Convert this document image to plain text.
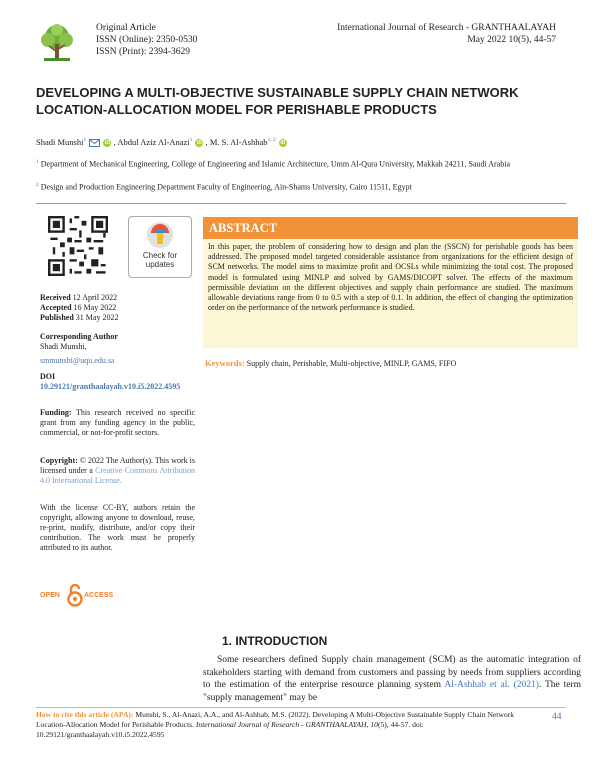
Original Article
ISSN (Online): 2350-0530
ISSN (Print): 2394-3629
International Journal of Research - GRANTHAALAYAH
May 2022 10(5), 44-57
DEVELOPING A MULTI-OBJECTIVE SUSTAINABLE SUPPLY CHAIN NETWORK LOCATION-ALLOCATION MODEL FOR PERISHABLE PRODUCTS
Shadi Munshi$^1$	iD , Abdul Aziz Al-Anazi$^1$ iD , M. S. Al-Ashhab$^{1, 2}$ iD
$^1$ Department of Mechanical Engineering, College of Engineering and Islamic Architecture, Umm Al-Qura University, Makkah 24211, Saudi Arabia
$^2$ Design and Production Engineering Department Faculty of Engineering, Ain-Shams University, Cairo 11511, Egypt
Check for
updates
Received 12 April 2022
Accepted 16 May 2022
Published 31 May 2022
Corresponding Author
Shadi Munshi,
smmunshi@uqu.edu.sa
DOI
10.29121/granthaalayah.v10.i5.2022.4595
Funding: This research received no specific grant from any funding agency in the public, commercial, or not-for-profit sectors.
Copyright: © 2022 The Author(s). This work is licensed under a Creative Commons Attribution 4.0 International License.
With the license CC-BY, authors retain the copyright, allowing anyone to download, reuse, re-print, modify, distribute, and/or copy their contribution. The work must be properly attributed to its author.
OPEN	ACCESS
ABSTRACT
In this paper, the problem of considering how to design and plan the (SSCN) for perishable goods has been addressed. The proposed model targeted considerable assistance from organizations for the efficient design of SCM networks. The model aims to maximize profit and OCSLs while minimizing the total cost. The proposed model is formulated using MINLP and solved by GAMS/DICOPT solver. The effects of the maximum permissible deviation on the different objectives and supply chain performance are studied. The maximum allowable deviations range from 0 to 0.5 with a step of 0.1. In addition, the effect of changing the optimization order on the performance of the network performance is studied.
Keywords: Supply chain, Perishable, Multi-objective, MINLP, GAMS, FIFO
1. INTRODUCTION

Some researchers defined Supply chain management (SCM) as the automatic integration of stakeholders starting with demand from customers and passing by needs from suppliers according to the estimation of the enterprise resource planning system Al-Ashhab et al. (2021). The term "supply management" may be

How to cite this article (APA): Munshi, S., Al-Anazi, A.A., and Al-Ashhab, M.S. (2022). Developing A Multi-Objective Sustainable Supply Chain Network Location-Allocation Model for Perishable Products. International Journal of Research - GRANTHAALAYAH, 10(5), 44-57. doi: 10.29121/granthaalayah.v10.i5.2022.4595
44
